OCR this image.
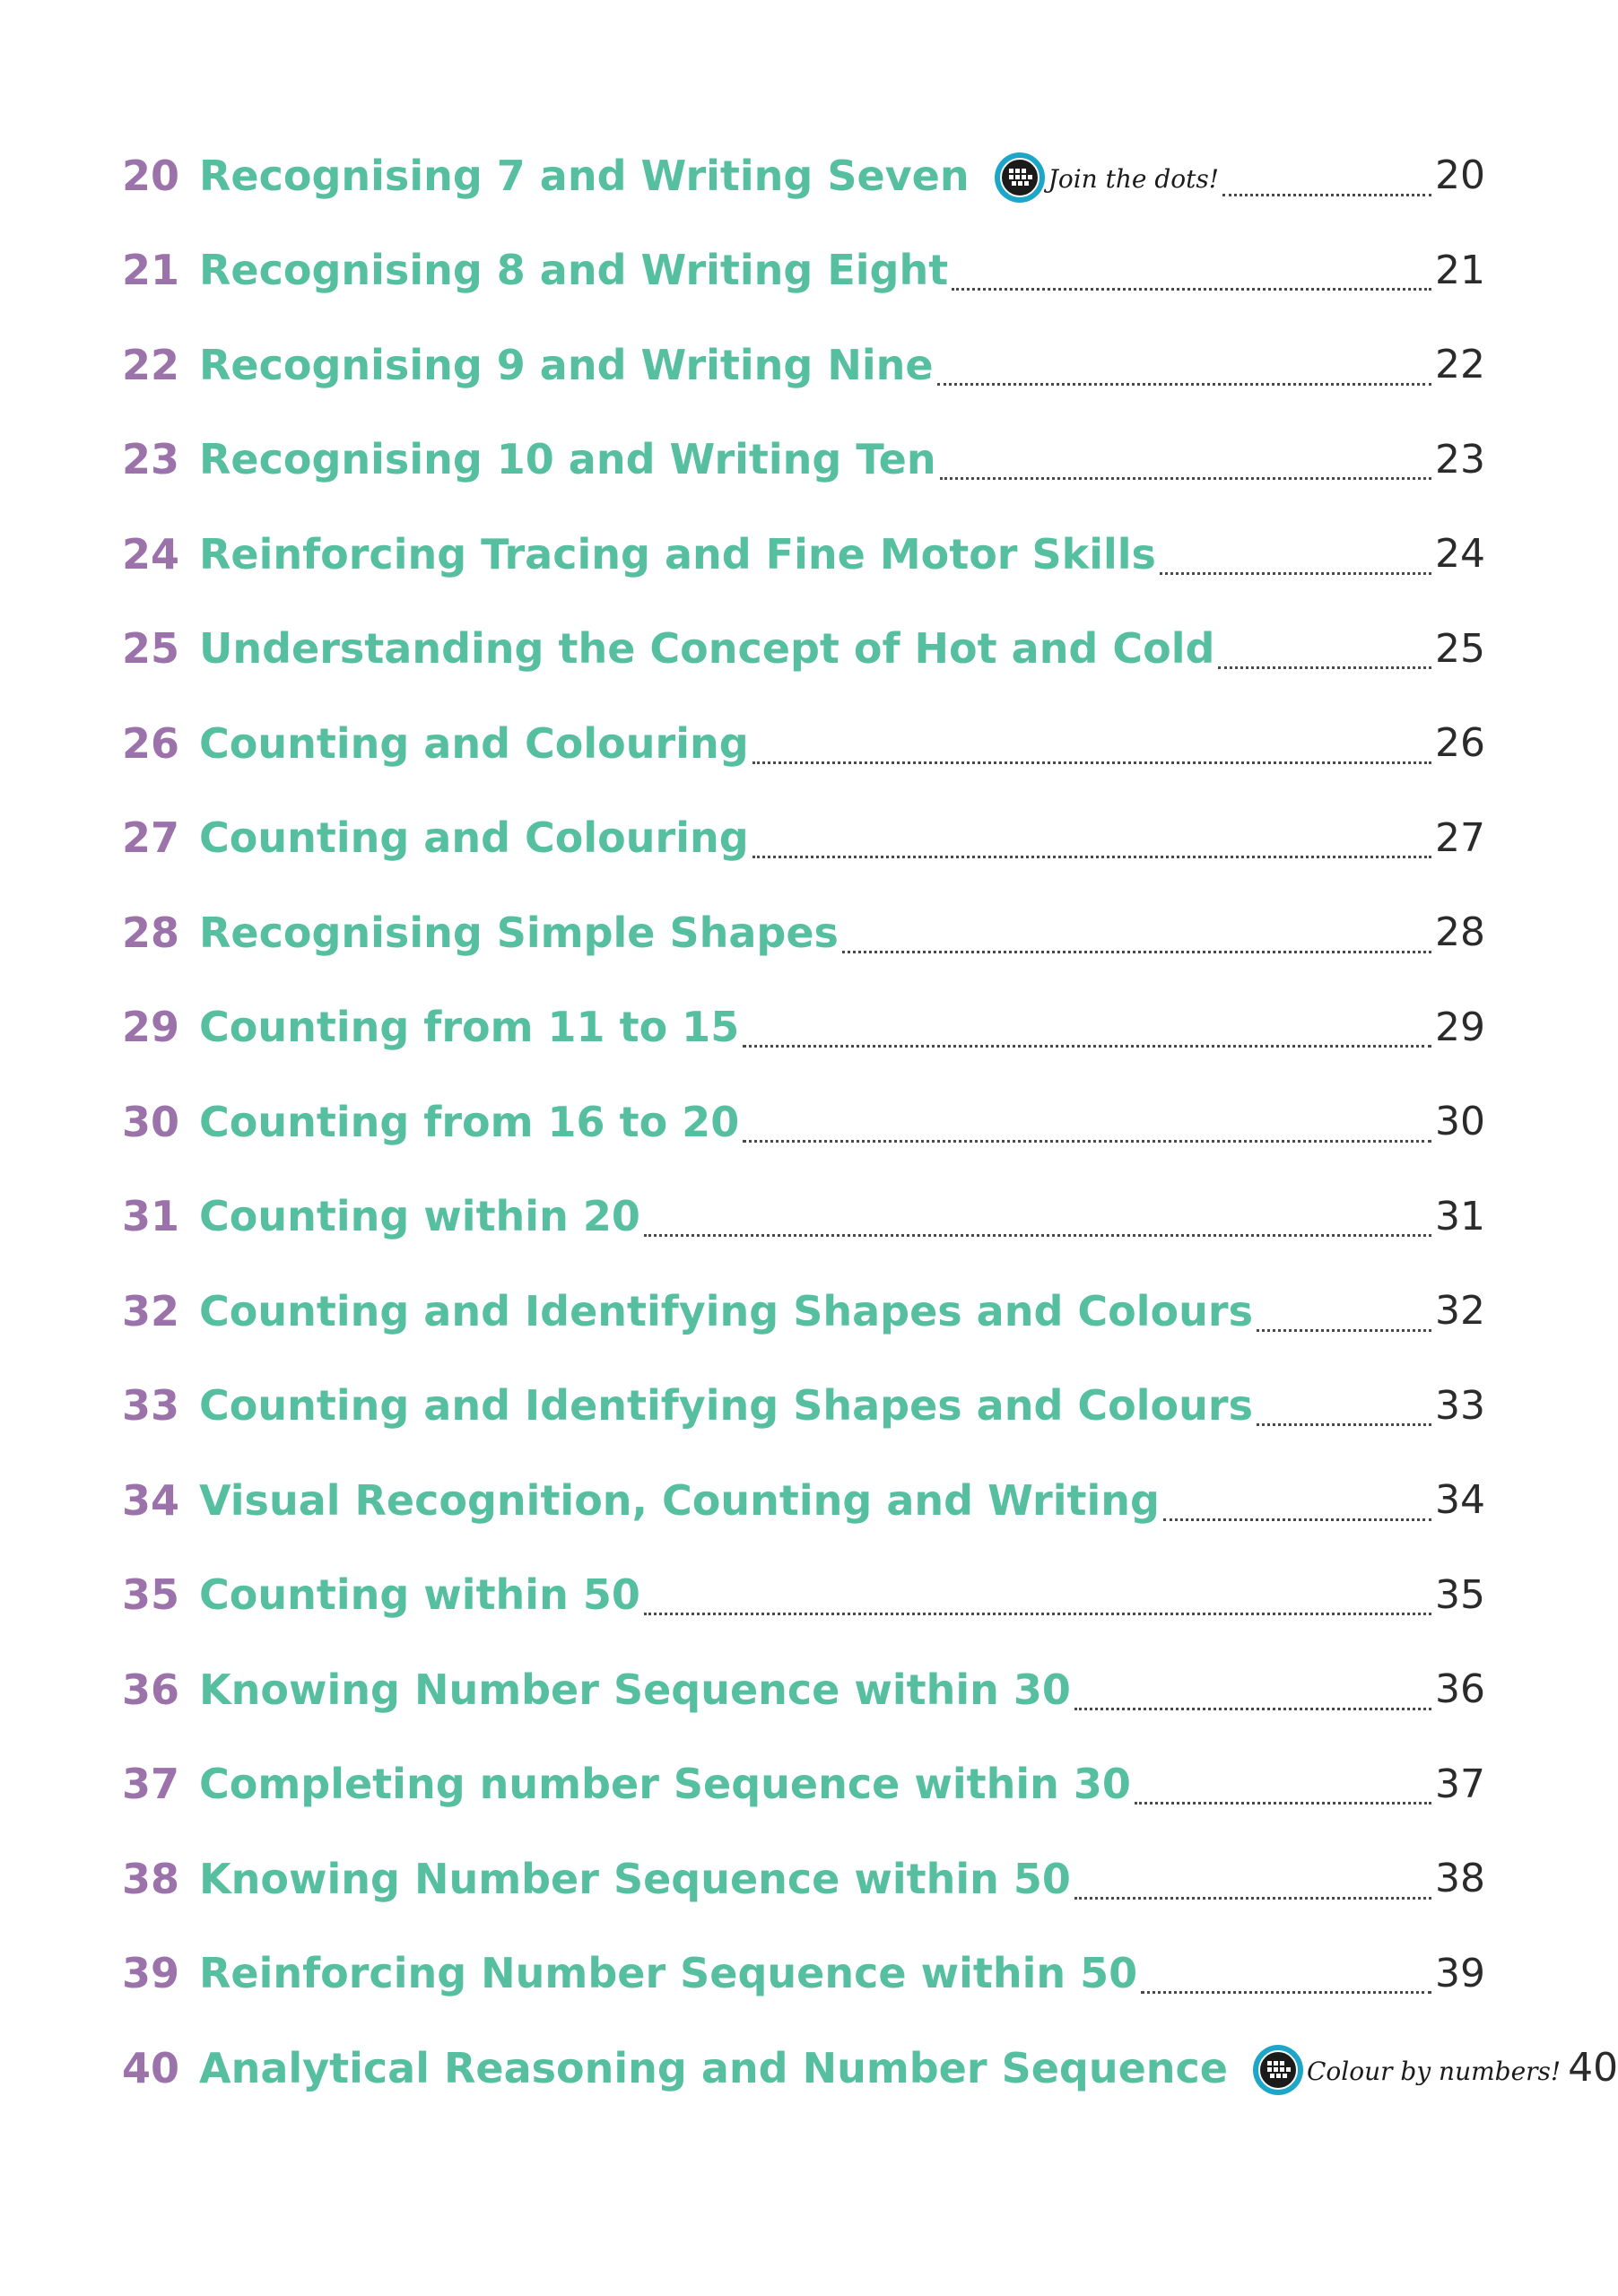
20 Recognising 7 and Writing Seven	Join the dots!	20
21 Recognising 8 and Writing Eight	21
22 Recognising 9 and Writing Nine	22
23 Recognising 10 and Writing Ten	23
24 Reinforcing Tracing and Fine Motor Skills	24
25 Understanding the Concept of Hot and Cold	25
26 Counting and Colouring	26
27 Counting and Colouring	27
28 Recognising Simple Shapes	28
29 Counting from 11 to 15	29
30 Counting from 16 to 20	30
31 Counting within 20	31
32 Counting and Identifying Shapes and Colours	32
33 Counting and Identifying Shapes and Colours	33
34 Visual Recognition, Counting and Writing	34
35 Counting within 50	35
36 Knowing Number Sequence within 30	36
37 Completing number Sequence within 30	37
38 Knowing Number Sequence within 50	38
39 Reinforcing Number Sequence within 50	39
40 Analytical Reasoning and Number Sequence	Colour by numbers! 40
